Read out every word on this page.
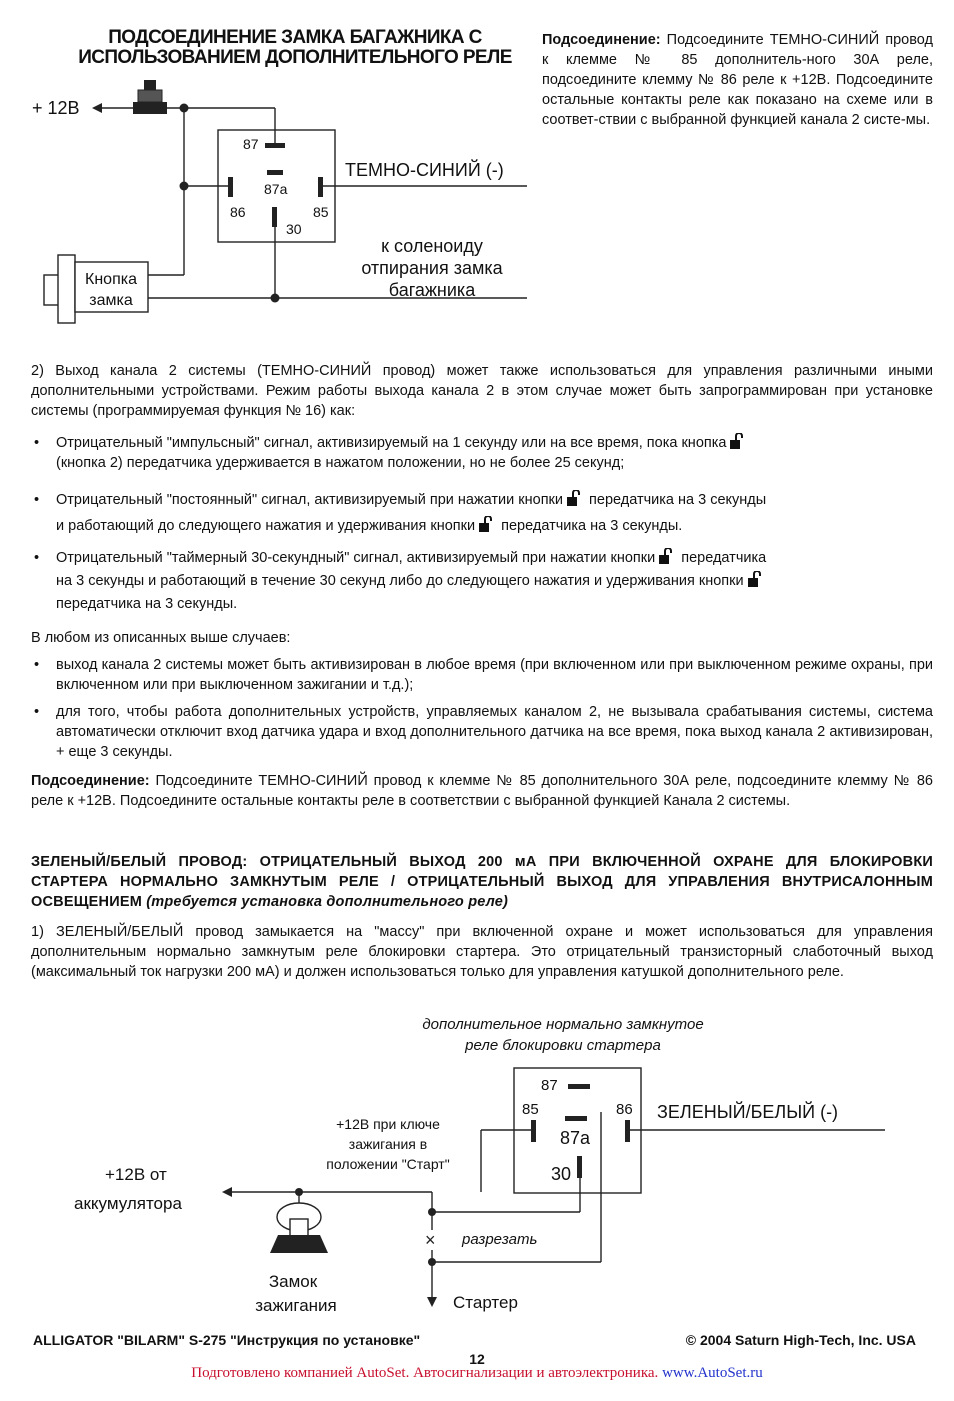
ПОДСОЕДИНЕНИЕ ЗАМКА БАГАЖНИКА С
ИСПОЛЬЗОВАНИЕМ ДОПОЛНИТЕЛЬНОГО РЕЛЕ
Подсоединение: Подсоедините ТЕМНО-СИНИЙ провод к клемме № 85 дополнитель-ного 30А реле, подсоедините клемму № 86 реле к +12В. Подсоедините остальные контакты реле как показано на схеме или в соответ-ствии с выбранной функцией канала 2 систе-мы.
+ 12В
87
87а
86	85
30
ТЕМНО-СИНИЙ (-)
Кнопка
замка
к соленоиду
отпирания замка
багажника
2) Выход канала 2 системы (ТЕМНО-СИНИЙ провод) может также использоваться для управления различными иными дополнительными устройствами. Режим работы выхода канала 2 в этом случае может быть запрограммирован при установке системы (программируемая функция № 16) как:
• Отрицательный "импульсный" сигнал, активизируемый на 1 секунду или на все время, пока кнопка
(кнопка 2) передатчика удерживается в нажатом положении, но не более 25 секунд;
• Отрицательный "постоянный" сигнал, активизируемый при нажатии кнопки передатчика на 3 секунды
и работающий до следующего нажатия и удерживания кнопки передатчика на 3 секунды.
• Отрицательный "таймерный 30-секундный" сигнал, активизируемый при нажатии кнопки передатчика
на 3 секунды и работающий в течение 30 секунд либо до следующего нажатия и удерживания кнопки
передатчика на 3 секунды.
В любом из описанных выше случаев:
• выход канала 2 системы может быть активизирован в любое время (при включенном или при выключенном режиме охраны, при включенном или при выключенном зажигании и т.д.);
• для того, чтобы работа дополнительных устройств, управляемых каналом 2, не вызывала срабатывания системы, система автоматически отключит вход датчика удара и вход дополнительного датчика на все время, пока выход канала 2 активизирован, + еще 3 секунды.
Подсоединение: Подсоедините ТЕМНО-СИНИЙ провод к клемме № 85 дополнительного 30А реле, подсоедините клемму № 86 реле к +12В. Подсоедините остальные контакты реле в соответствии с выбранной функцией Канала 2 системы.
ЗЕЛЕНЫЙ/БЕЛЫЙ ПРОВОД: ОТРИЦАТЕЛЬНЫЙ ВЫХОД 200 мА ПРИ ВКЛЮЧЕННОЙ ОХРАНЕ ДЛЯ БЛОКИРОВКИ СТАРТЕРА НОРМАЛЬНО ЗАМКНУТЫМ РЕЛЕ / ОТРИЦАТЕЛЬНЫЙ ВЫХОД ДЛЯ УПРАВЛЕНИЯ ВНУТРИСАЛОННЫМ ОСВЕЩЕНИЕМ (требуется установка дополнительного реле)
1) ЗЕЛЕНЫЙ/БЕЛЫЙ провод замыкается на "массу" при включенной охране и может использоваться для управления дополнительным нормально замкнутым реле блокировки стартера. Это отрицательный транзисторный слаботочный выход (максимальный ток нагрузки 200 мА) и должен использоваться только для управления катушкой дополнительного реле.
дополнительное нормально замкнутое
реле блокировки стартера
×
87
85	86
87а
30
ЗЕЛЕНЫЙ/БЕЛЫЙ (-)
+12В при ключе
зажигания в
положении "Старт"
+12В от
аккумулятора
разрезать
Замок
зажигания	Стартер
ALLIGATOR "BILARM" S-275 "Инструкция по установке"	© 2004 Saturn High-Tech, Inc. USA
12
Подготовлено компанией AutoSet. Автосигнализации и автоэлектроника. www.AutoSet.ru
